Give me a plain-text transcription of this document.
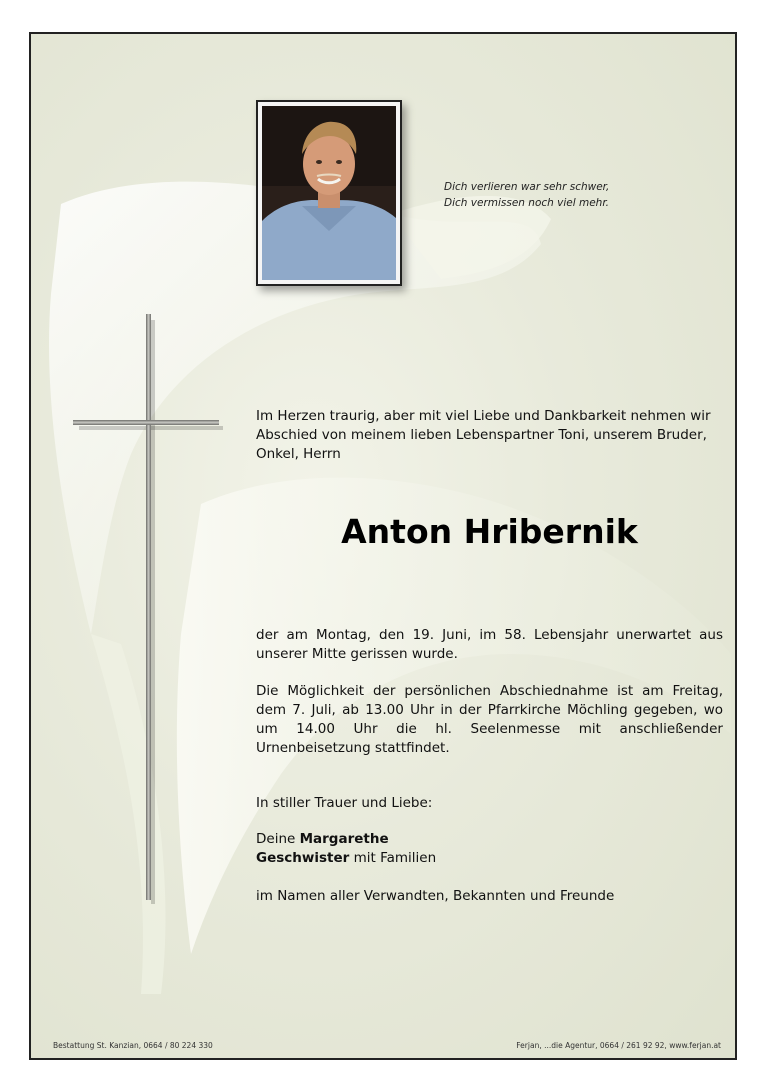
Dich verlieren war sehr schwer,
Dich vermissen noch viel mehr.

Im Herzen traurig, aber mit viel Liebe und Dankbarkeit nehmen wir Abschied von meinem lieben Lebenspartner Toni, unserem Bruder, Onkel, Herrn

Anton Hribernik

der am Montag, den 19. Juni, im 58. Lebensjahr unerwartet aus unserer Mitte gerissen wurde.

Die Möglichkeit der persönlichen Abschiednahme ist am Freitag, dem 7. Juli, ab 13.00 Uhr in der Pfarrkirche Möchling gegeben, wo um 14.00 Uhr die hl. Seelenmesse mit anschließender Urnenbeisetzung stattfindet.

In stiller Trauer und Liebe:

Deine Margarethe
Geschwister mit Familien

im Namen aller Verwandten, Bekannten und Freunde

Bestattung St. Kanzian, 0664 / 80 224 330	Ferjan, ...die Agentur, 0664 / 261 92 92, www.ferjan.at
